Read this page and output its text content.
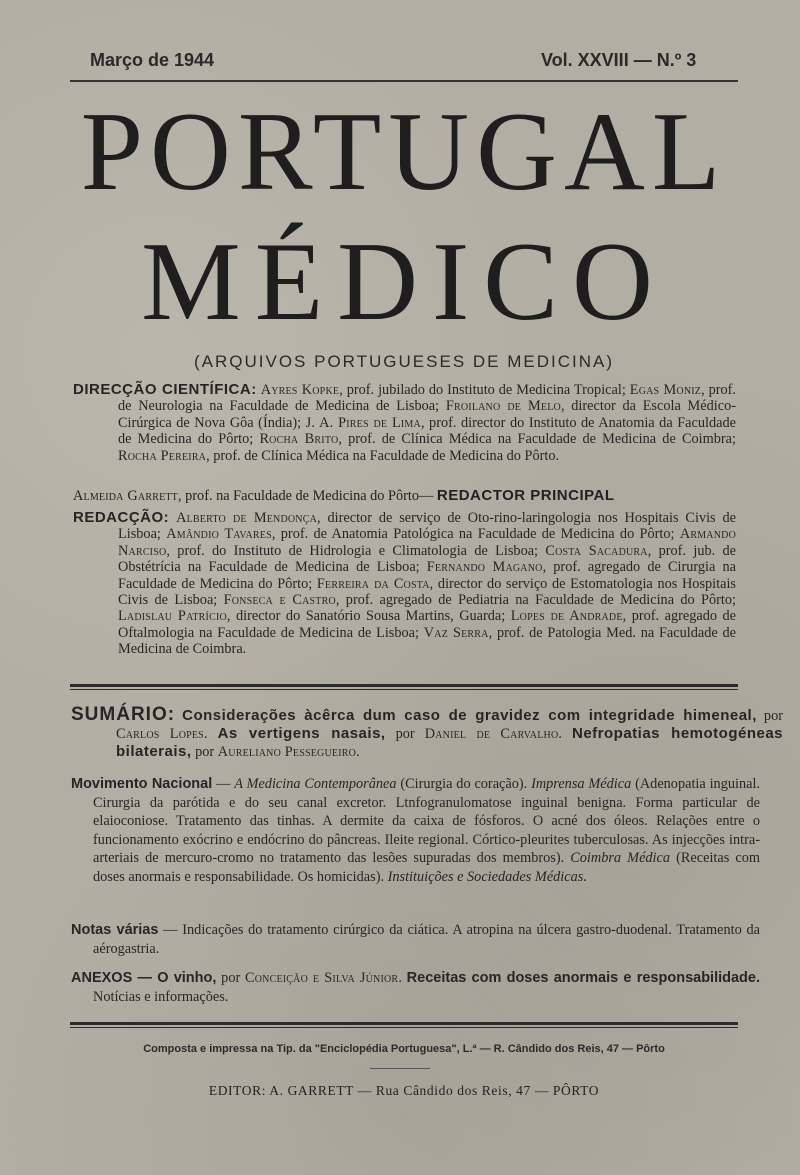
Março de 1944	Vol. XXVIII — N.º 3
PORTUGAL
MÉDICO
(ARQUIVOS PORTUGUESES DE MEDICINA)
DIRECÇÃO CIENTÍFICA: Ayres Kopke, prof. jubilado do Instituto de Medicina Tropical; Egas Moniz, prof. de Neurologia na Faculdade de Medicina de Lisboa; Froilano de Melo, director da Escola Médico-Cirúrgica de Nova Gôa (Índia); J. A. Pires de Lima, prof. director do Instituto de Anatomia da Faculdade de Medicina do Pôrto; Rocha Brito, prof. de Clínica Médica na Faculdade de Medicina de Coimbra; Rocha Pereira, prof. de Clínica Médica na Faculdade de Medicina do Pôrto.
Almeida Garrett, prof. na Faculdade de Medicina do Pôrto— REDACTOR PRINCIPAL
REDACÇÃO: Alberto de Mendonça, director de serviço de Oto-rino-laringologia nos Hospitais Civis de Lisboa; Amândio Tavares, prof. de Anatomia Patológica na Faculdade de Medicina do Pôrto; Armando Narciso, prof. do Instituto de Hidrologia e Climatologia de Lisboa; Costa Sacadura, prof. jub. de Obstétrícia na Faculdade de Medicina de Lisboa; Fernando Magano, prof. agregado de Cirurgia na Faculdade de Medicina do Pôrto; Ferreira da Costa, director do serviço de Estomatologia nos Hospitais Civis de Lisboa; Fonseca e Castro, prof. agregado de Pediatria na Faculdade de Medicina do Pôrto; Ladislau Patrício, director do Sanatório Sousa Martins, Guarda; Lopes de Andrade, prof. agregado de Oftalmologia na Faculdade de Medicina de Lisboa; Vaz Serra, prof. de Patologia Med. na Faculdade de Medicina de Coimbra.
SUMÁRIO: Considerações àcêrca dum caso de gravidez com integridade himeneal, por Carlos Lopes. As vertigens nasais, por Daniel de Carvalho. Nefropatias hemotogéneas bilaterais, por Aureliano Pessegueiro.
Movimento Nacional — A Medicina Contemporânea (Cirurgia do coração). Imprensa Médica (Adenopatia inguinal. Cirurgia da parótida e do seu canal excretor. Ltnfogranulomatose inguinal benigna. Forma particular de elaioconiose. Tratamento das tinhas. A dermite da caixa de fósforos. O acné dos óleos. Relações entre o funcionamento exócrino e endócrino do pâncreas. Ileite regional. Córtico-pleurites tuberculosas. As injecções intra-arteriais de mercuro-cromo no tratamento das lesões supuradas dos membros). Coimbra Médica (Receitas com doses anormais e responsabilidade. Os homicidas). Instituições e Sociedades Médicas.
Notas várias — Indicações do tratamento cirúrgico da ciática. A atropina na úlcera gastro-duodenal. Tratamento da aérogastria.
ANEXOS — O vinho, por Conceição e Silva Júnior. Receitas com doses anormais e responsabilidade. Notícias e informações.
Composta e impressa na Tip. da "Enciclopédia Portuguesa", L.ª — R. Cândido dos Reis, 47 — Pôrto
EDITOR: A. GARRETT — Rua Cândido dos Reis, 47 — PÔRTO
